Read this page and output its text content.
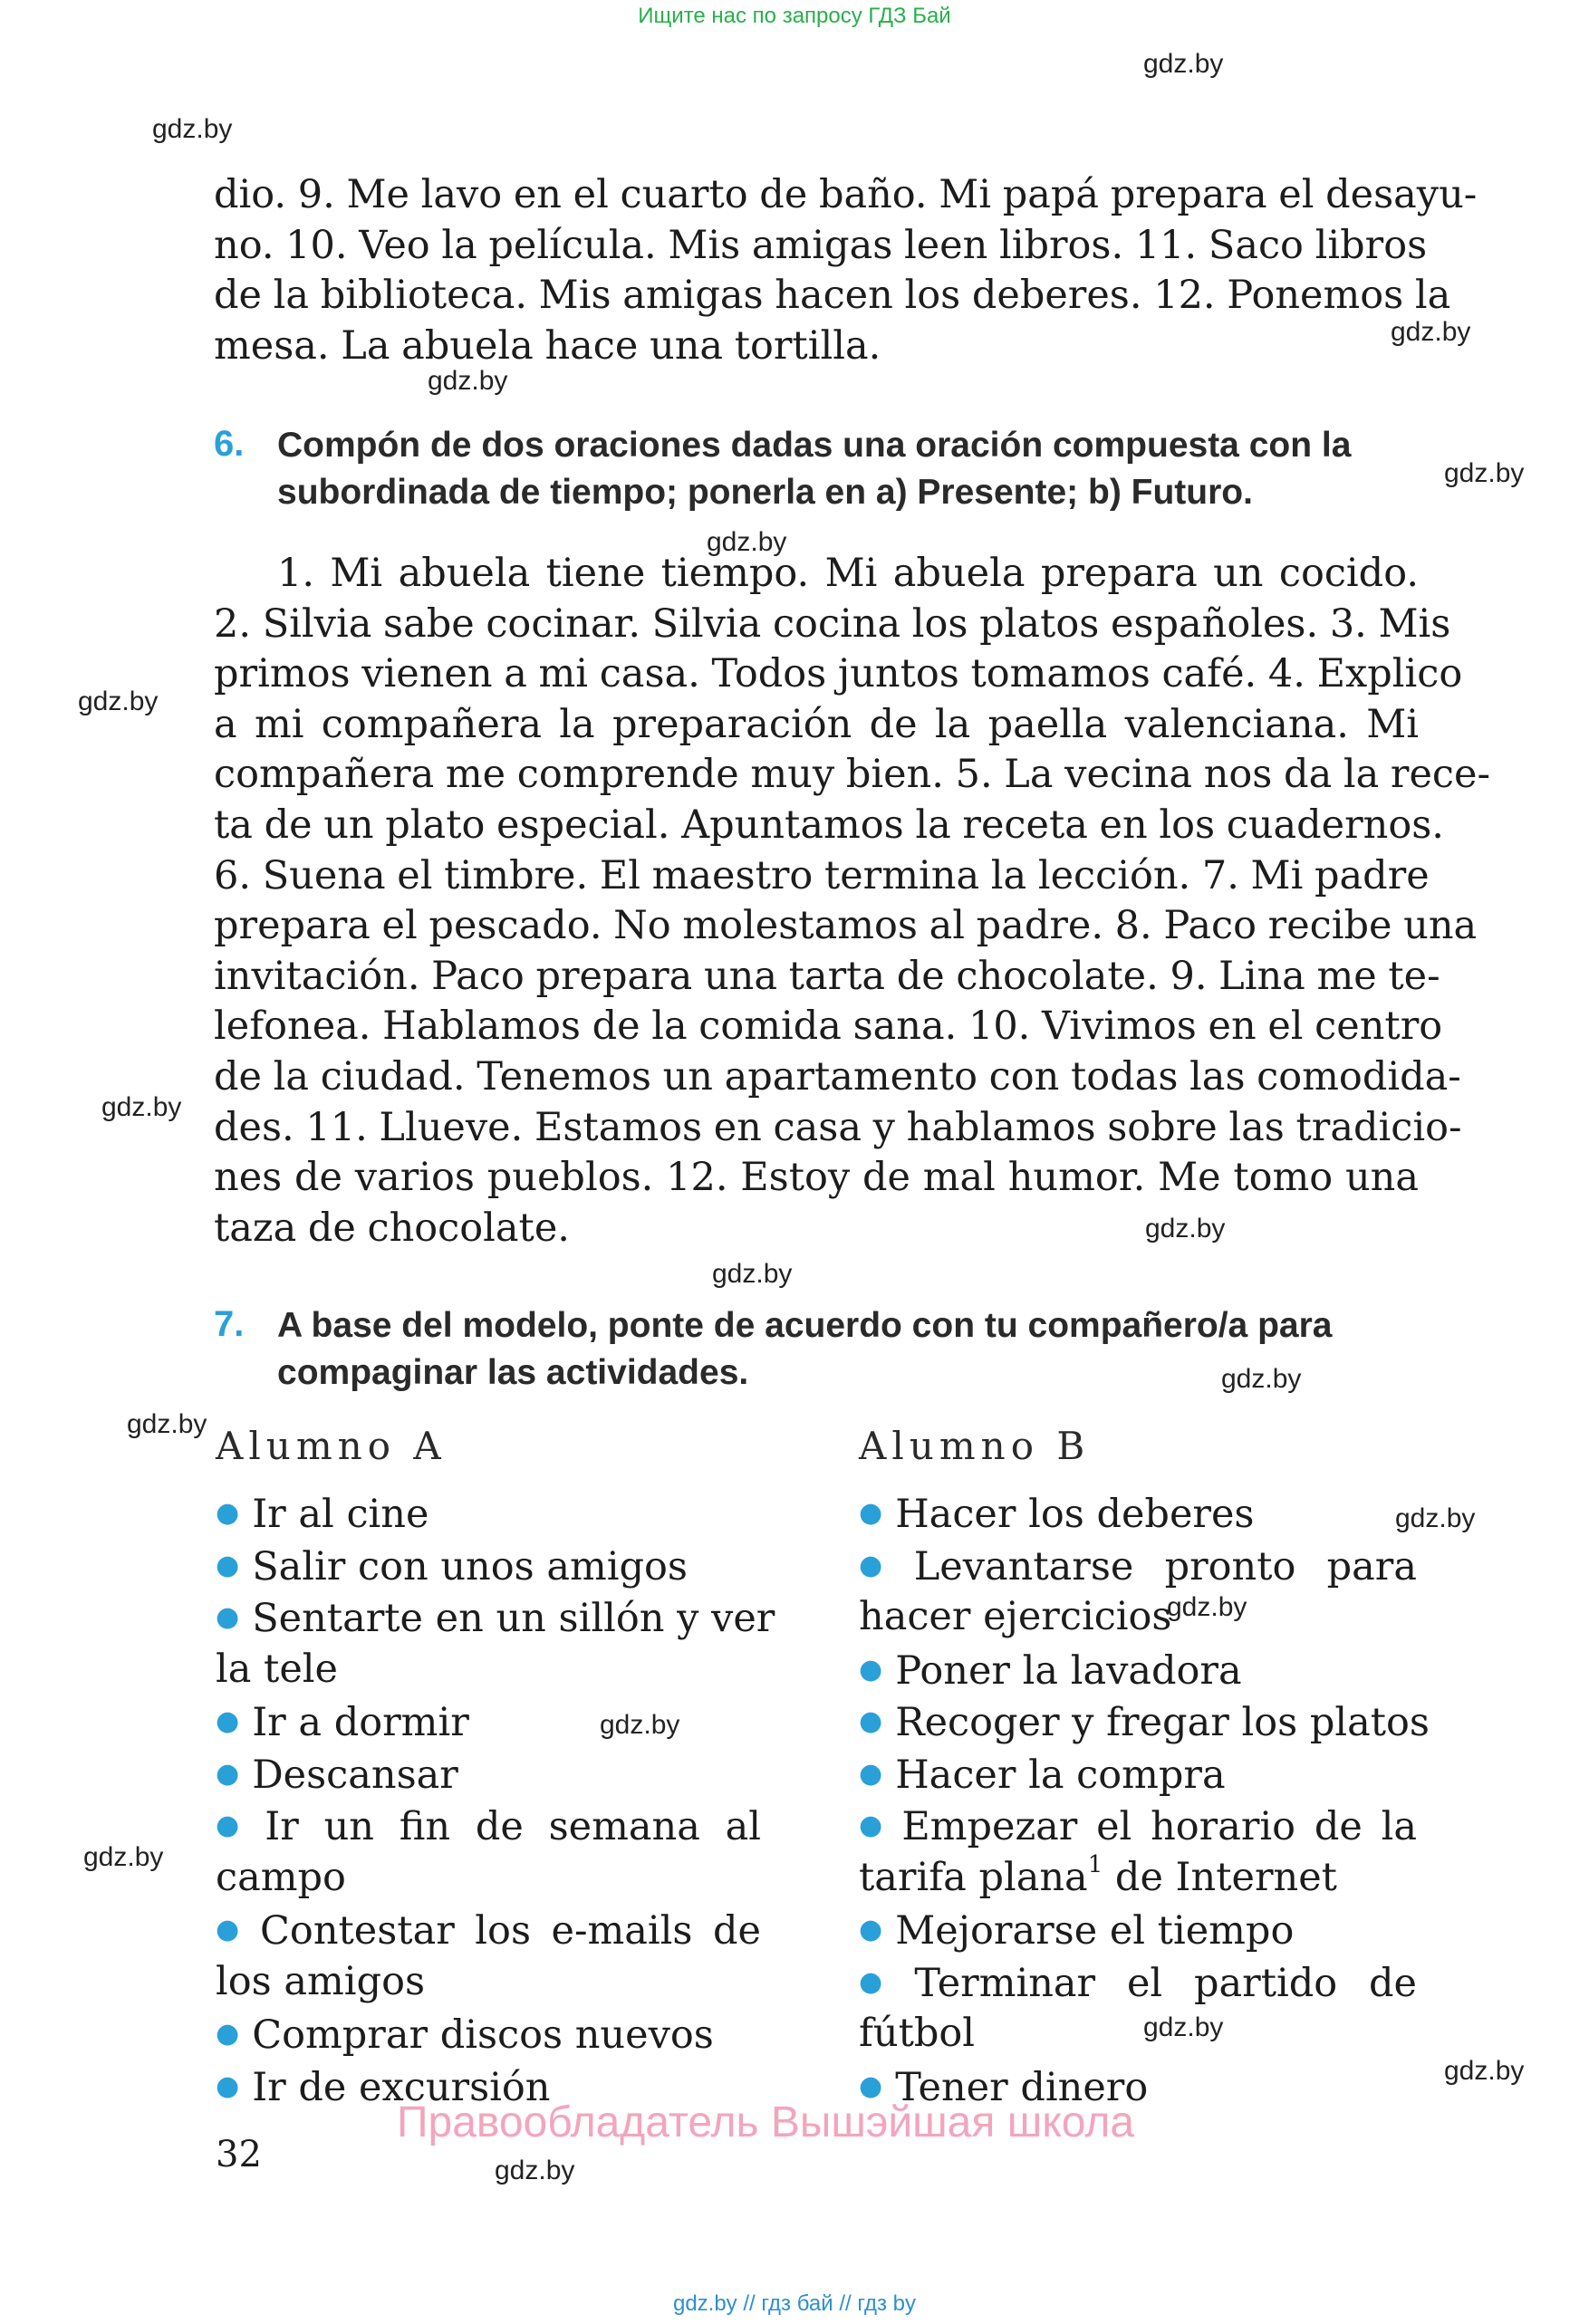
Ищите нас по запросу ГДЗ Бай
gdz.by
gdz.by
gdz.by
gdz.by
gdz.by
gdz.by
gdz.by
gdz.by
gdz.by
gdz.by
gdz.by
gdz.by
gdz.by
gdz.by
gdz.by
gdz.by
gdz.by
gdz.by
gdz.by
dio. 9. Me lavo en el cuarto de baño. Mi papá prepara el desayu-
no. 10. Veo la película. Mis amigas leen libros. 11. Saco libros
de la biblioteca. Mis amigas hacen los deberes. 12. Ponemos la
mesa. La abuela hace una tortilla.
6. Compón de dos oraciones dadas una oración compuesta con la
subordinada de tiempo; ponerla en a) Presente; b) Futuro.
1. Mi abuela tiene tiempo. Mi abuela prepara un cocido.
2. Silvia sabe cocinar. Silvia cocina los platos españoles. 3. Mis
primos vienen a mi casa. Todos juntos tomamos café. 4. Explico
a mi compañera la preparación de la paella valenciana. Mi
compañera me comprende muy bien. 5. La vecina nos da la rece-
ta de un plato especial. Apuntamos la receta en los cuadernos.
6. Suena el timbre. El maestro termina la lección. 7. Mi padre
prepara el pescado. No molestamos al padre. 8. Paco recibe una
invitación. Paco prepara una tarta de chocolate. 9. Lina me te-
lefonea. Hablamos de la comida sana. 10. Vivimos en el centro
de la ciudad. Tenemos un apartamento con todas las comodida-
des. 11. Llueve. Estamos en casa y hablamos sobre las tradicio-
nes de varios pueblos. 12. Estoy de mal humor. Me tomo una
taza de chocolate.
7. A base del modelo, ponte de acuerdo con tu compañero/a para
compaginar las actividades.
Alumno A	Alumno B
● Ir al cine
● Salir con unos amigos
● Sentarte en un sillón y ver
la tele
● Ir a dormir
● Descansar
● Ir un fin de semana al
campo
● Contestar los e-mails de
los amigos
● Comprar discos nuevos
● Ir de excursión
● Hacer los deberes
● Levantarse pronto para
hacer ejercicios
● Poner la lavadora
● Recoger y fregar los platos
● Hacer la compra
● Empezar el horario de la
tarifa plana$^1$ de Internet
● Mejorarse el tiempo
● Terminar el partido de
fútbol
● Tener dinero
32
Правообладатель Вышэйшая школа
gdz.by // гдз бай // гдз by
